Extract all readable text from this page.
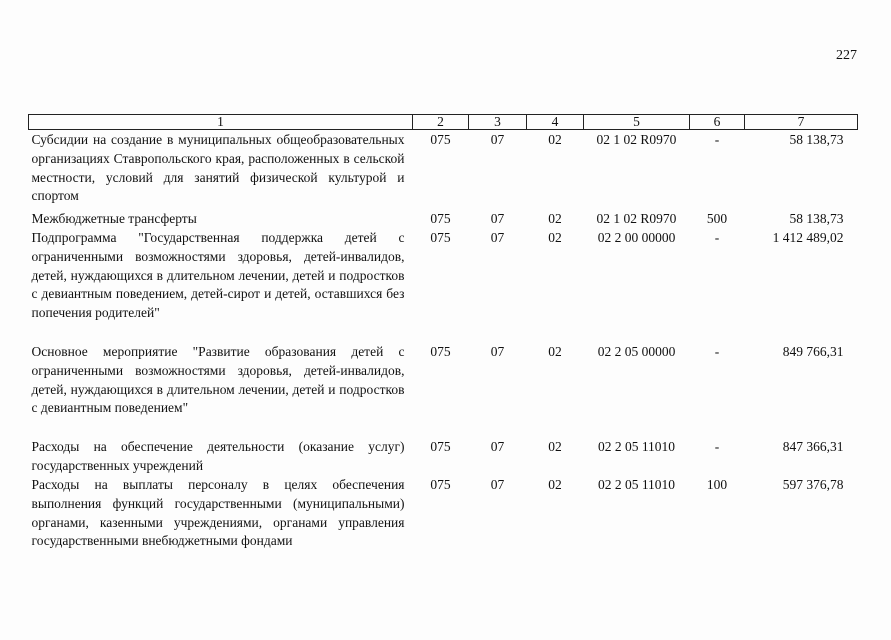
227
1	2	3	4	5	6	7
Субсидии на создание в муниципальных общеобразовательных организациях Ставропольского края, расположенных в сельской местности, условий для занятий физической культурой и спортом	075	07	02	02 1 02 R0970	-	58 138,73
Межбюджетные трансферты	075	07	02	02 1 02 R0970	500	58 138,73
Подпрограмма "Государственная поддержка детей с ограниченными возможностями здоровья, детей-инвалидов, детей, нуждающихся в длительном лечении, детей и подростков с девиантным поведением, детей-сирот и детей, оставшихся без попечения родителей"	075	07	02	02 2 00 00000	-	1 412 489,02
Основное мероприятие "Развитие образования детей с ограниченными возможностями здоровья, детей-инвалидов, детей, нуждающихся в длительном лечении, детей и подростков с девиантным поведением"	075	07	02	02 2 05 00000	-	849 766,31
Расходы на обеспечение деятельности (оказание услуг) государственных учреждений	075	07	02	02 2 05 11010	-	847 366,31
Расходы на выплаты персоналу в целях обеспечения выполнения функций государственными (муниципальными) органами, казенными учреждениями, органами управления государственными внебюджетными фондами	075	07	02	02 2 05 11010	100	597 376,78
